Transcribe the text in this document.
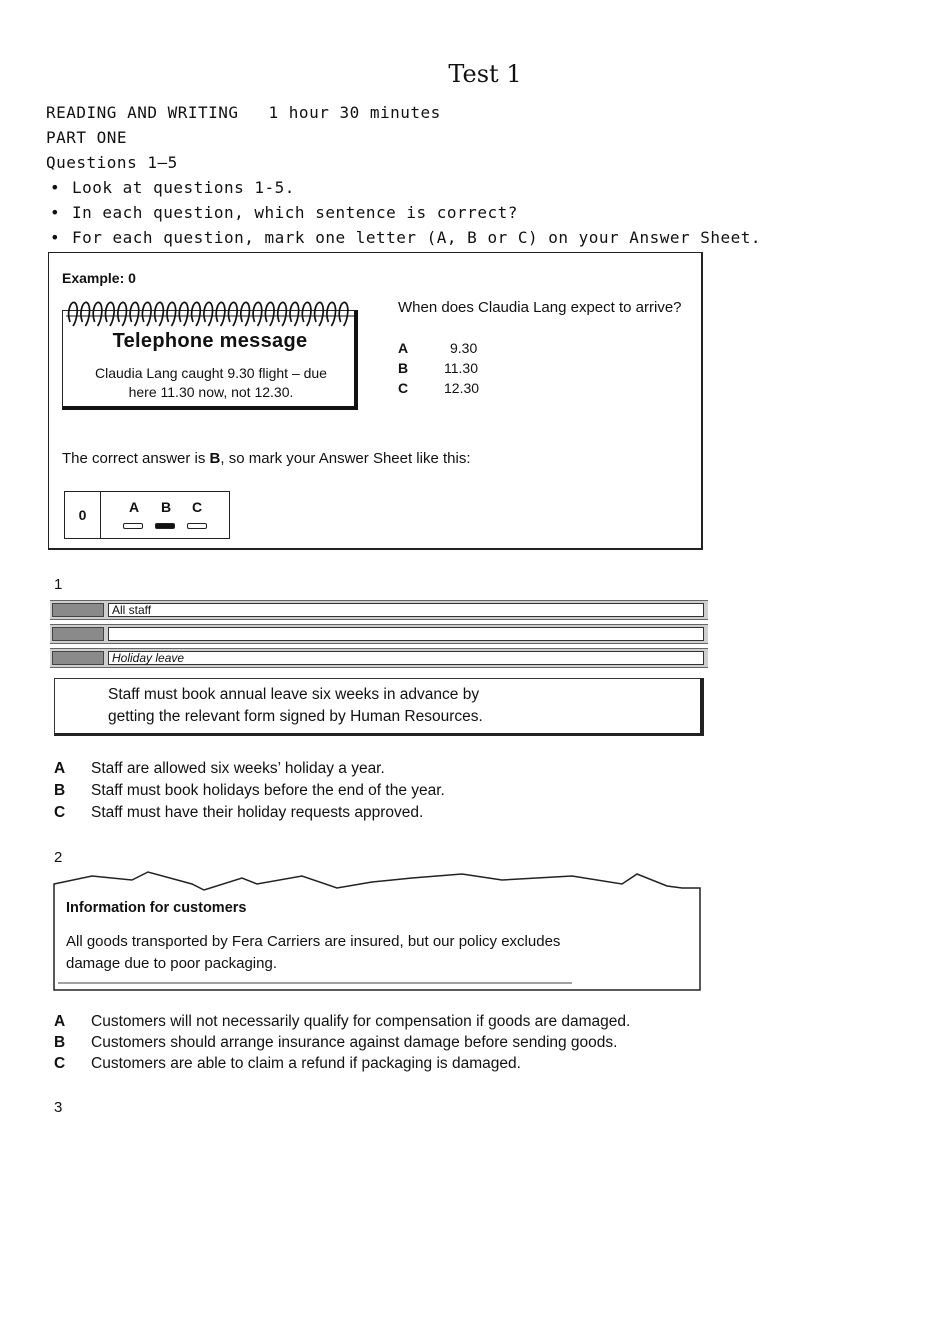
Test 1
READING AND WRITING 1 hour 30 minutes
PART ONE
Questions 1—5
• Look at questions 1-5.
• In each question, which sentence is correct?
• For each question, mark one letter (A, B or C) on your Answer Sheet.
Example: 0
Telephone message
Claudia Lang caught 9.30 flight – due
here 11.30 now, not 12.30.
When does Claudia Lang expect to arrive?
A	9.30
B	11.30
C	12.30
The correct answer is B, so mark your Answer Sheet like this:
0	A B C
1
All staff
Holiday leave
Staff must book annual leave six weeks in advance by
getting the relevant form signed by Human Resources.
A Staff are allowed six weeks’ holiday a year.
B Staff must book holidays before the end of the year.
C Staff must have their holiday requests approved.
2
Information for customers
All goods transported by Fera Carriers are insured, but our policy excludes
damage due to poor packaging.
A Customers will not necessarily qualify for compensation if goods are damaged.
B Customers should arrange insurance against damage before sending goods.
C Customers are able to claim a refund if packaging is damaged.
3
